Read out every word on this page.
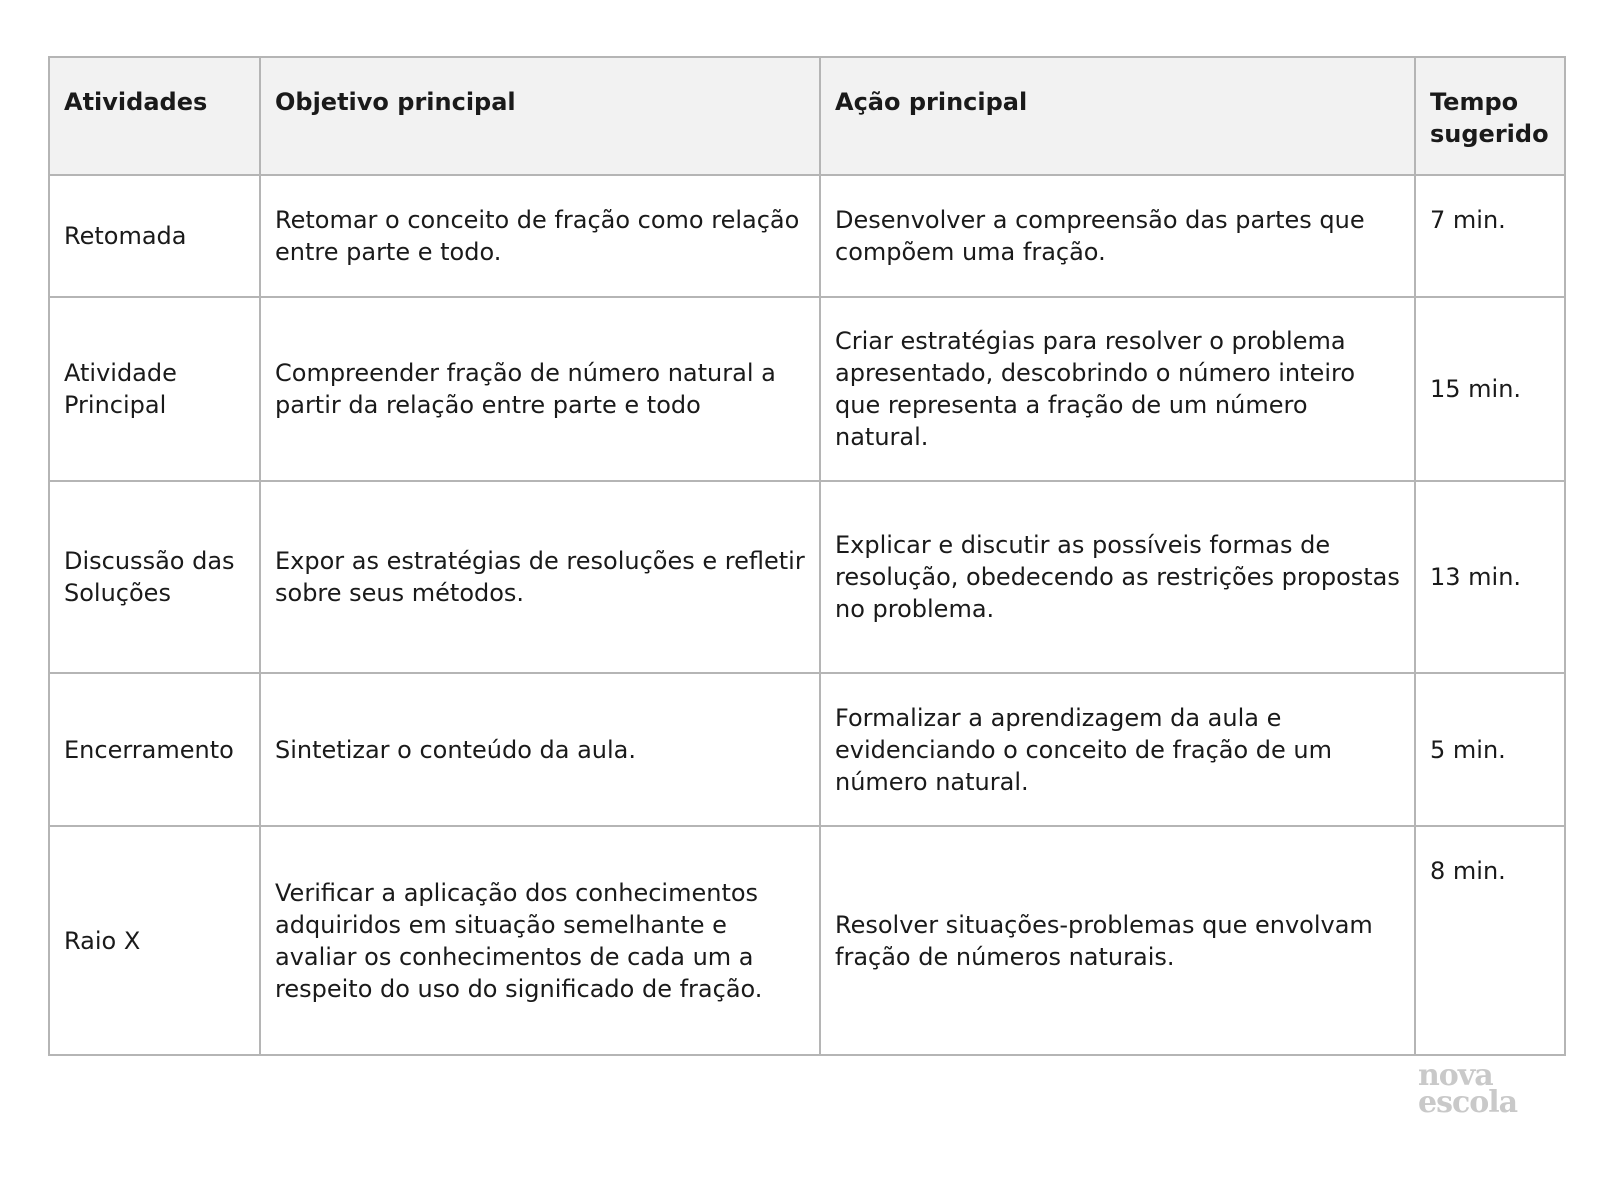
Atividades	Objetivo principal	Ação principal	Tempo sugerido
Retomada	Retomar o conceito de fração como relação entre parte e todo.	Desenvolver a compreensão das partes que compõem uma fração.	7 min.
Atividade Principal	Compreender fração de número natural a partir da relação entre parte e todo	Criar estratégias para resolver o problema apresentado, descobrindo o número inteiro que representa a fração de um número natural.	15 min.
Discussão das Soluções	Expor as estratégias de resoluções e refletir sobre seus métodos.	Explicar e discutir as possíveis formas de resolução, obedecendo as restrições propostas no problema.	13 min.
Encerramento	Sintetizar o conteúdo da aula.	Formalizar a aprendizagem da aula e evidenciando o conceito de fração de um número natural.	5 min.
Raio X	Verificar a aplicação dos conhecimentos adquiridos em situação semelhante e avaliar os conhecimentos de cada um a respeito do uso do significado de fração.	Resolver situações-problemas que envolvam fração de números naturais.	8 min.
nova
escola
